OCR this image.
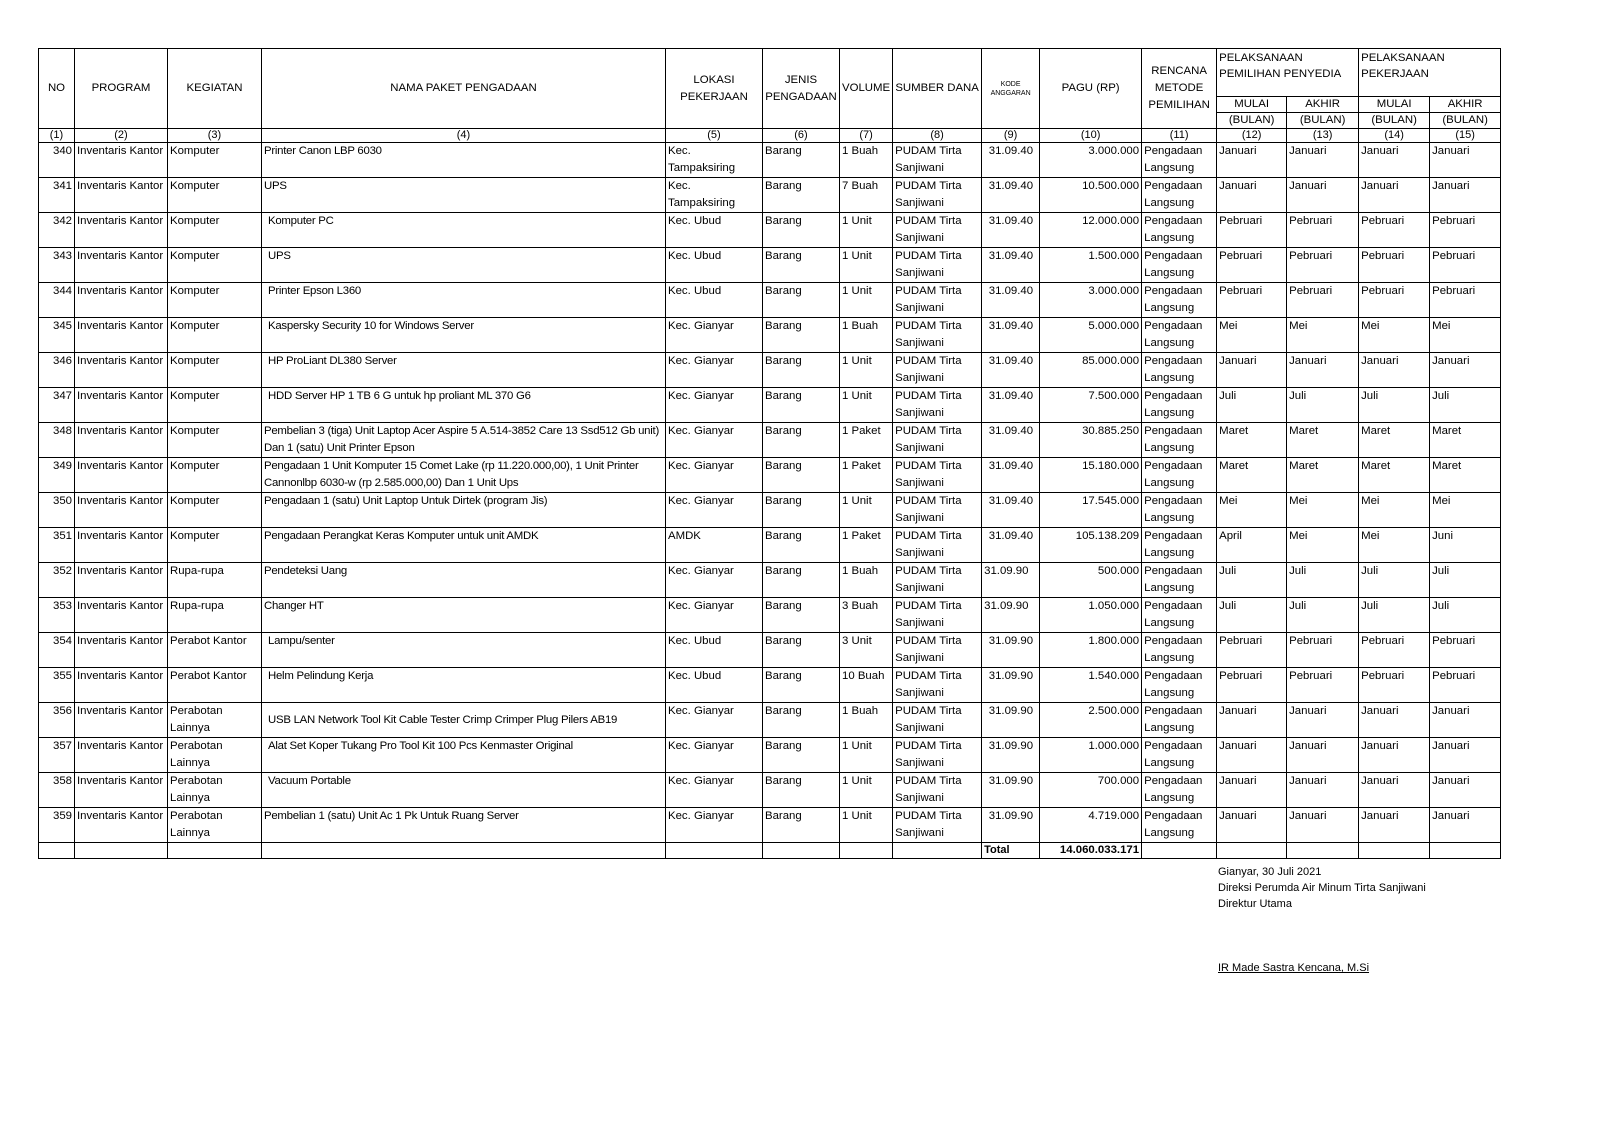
NO	PROGRAM	KEGIATAN	NAMA PAKET PENGADAAN	LOKASI PEKERJAAN	JENIS PENGADAAN	VOLUME	SUMBER DANA	KODE ANGGARAN	PAGU (RP)	RENCANA METODE PEMILIHAN	PELAKSANAAN PEMILIHAN PENYEDIA		PELAKSANAAN PEKERJAAN	
											MULAI	AKHIR	MULAI	AKHIR
											(BULAN)	(BULAN)	(BULAN)	(BULAN)
(1)	(2)	(3)	(4)	(5)	(6)	(7)	(8)	(9)	(10)	(11)	(12)	(13)	(14)	(15)
340	Inventaris Kantor	Komputer	Printer Canon LBP 6030	Kec. Tampaksiring	Barang	1 Buah	PUDAM Tirta Sanjiwani	31.09.40	3.000.000	Pengadaan Langsung	Januari	Januari	Januari	Januari
341	Inventaris Kantor	Komputer	UPS	Kec. Tampaksiring	Barang	7 Buah	PUDAM Tirta Sanjiwani	31.09.40	10.500.000	Pengadaan Langsung	Januari	Januari	Januari	Januari
342	Inventaris Kantor	Komputer	Komputer PC	Kec. Ubud	Barang	1 Unit	PUDAM Tirta Sanjiwani	31.09.40	12.000.000	Pengadaan Langsung	Pebruari	Pebruari	Pebruari	Pebruari
343	Inventaris Kantor	Komputer	UPS	Kec. Ubud	Barang	1 Unit	PUDAM Tirta Sanjiwani	31.09.40	1.500.000	Pengadaan Langsung	Pebruari	Pebruari	Pebruari	Pebruari
344	Inventaris Kantor	Komputer	Printer Epson L360	Kec. Ubud	Barang	1 Unit	PUDAM Tirta Sanjiwani	31.09.40	3.000.000	Pengadaan Langsung	Pebruari	Pebruari	Pebruari	Pebruari
345	Inventaris Kantor	Komputer	Kaspersky Security 10 for Windows Server	Kec. Gianyar	Barang	1 Buah	PUDAM Tirta Sanjiwani	31.09.40	5.000.000	Pengadaan Langsung	Mei	Mei	Mei	Mei
346	Inventaris Kantor	Komputer	HP ProLiant DL380 Server	Kec. Gianyar	Barang	1 Unit	PUDAM Tirta Sanjiwani	31.09.40	85.000.000	Pengadaan Langsung	Januari	Januari	Januari	Januari
347	Inventaris Kantor	Komputer	HDD Server HP 1 TB 6 G untuk hp proliant ML 370 G6	Kec. Gianyar	Barang	1 Unit	PUDAM Tirta Sanjiwani	31.09.40	7.500.000	Pengadaan Langsung	Juli	Juli	Juli	Juli
348	Inventaris Kantor	Komputer	Pembelian 3 (tiga) Unit Laptop Acer Aspire 5 A.514-3852 Care 13 Ssd512 Gb unit) Dan 1 (satu) Unit Printer Epson	Kec. Gianyar	Barang	1 Paket	PUDAM Tirta Sanjiwani	31.09.40	30.885.250	Pengadaan Langsung	Maret	Maret	Maret	Maret
349	Inventaris Kantor	Komputer	Pengadaan 1 Unit Komputer 15 Comet Lake (rp 11.220.000,00), 1 Unit Printer Cannonlbp 6030-w (rp 2.585.000,00) Dan 1 Unit Ups	Kec. Gianyar	Barang	1 Paket	PUDAM Tirta Sanjiwani	31.09.40	15.180.000	Pengadaan Langsung	Maret	Maret	Maret	Maret
350	Inventaris Kantor	Komputer	Pengadaan 1 (satu) Unit Laptop Untuk Dirtek (program Jis)	Kec. Gianyar	Barang	1 Unit	PUDAM Tirta Sanjiwani	31.09.40	17.545.000	Pengadaan Langsung	Mei	Mei	Mei	Mei
351	Inventaris Kantor	Komputer	Pengadaan Perangkat Keras Komputer untuk unit AMDK	AMDK	Barang	1 Paket	PUDAM Tirta Sanjiwani	31.09.40	105.138.209	Pengadaan Langsung	April	Mei	Mei	Juni
352	Inventaris Kantor	Rupa-rupa	Pendeteksi Uang	Kec. Gianyar	Barang	1 Buah	PUDAM Tirta Sanjiwani	31.09.90	500.000	Pengadaan Langsung	Juli	Juli	Juli	Juli
353	Inventaris Kantor	Rupa-rupa	Changer HT	Kec. Gianyar	Barang	3 Buah	PUDAM Tirta Sanjiwani	31.09.90	1.050.000	Pengadaan Langsung	Juli	Juli	Juli	Juli
354	Inventaris Kantor	Perabot Kantor	Lampu/senter	Kec. Ubud	Barang	3 Unit	PUDAM Tirta Sanjiwani	31.09.90	1.800.000	Pengadaan Langsung	Pebruari	Pebruari	Pebruari	Pebruari
355	Inventaris Kantor	Perabot Kantor	Helm Pelindung Kerja	Kec. Ubud	Barang	10 Buah	PUDAM Tirta Sanjiwani	31.09.90	1.540.000	Pengadaan Langsung	Pebruari	Pebruari	Pebruari	Pebruari
356	Inventaris Kantor	Perabotan Lainnya	USB LAN Network Tool Kit Cable Tester Crimp Crimper Plug Pilers AB19	Kec. Gianyar	Barang	1 Buah	PUDAM Tirta Sanjiwani	31.09.90	2.500.000	Pengadaan Langsung	Januari	Januari	Januari	Januari
357	Inventaris Kantor	Perabotan Lainnya	Alat Set Koper Tukang Pro Tool Kit 100 Pcs Kenmaster Original	Kec. Gianyar	Barang	1 Unit	PUDAM Tirta Sanjiwani	31.09.90	1.000.000	Pengadaan Langsung	Januari	Januari	Januari	Januari
358	Inventaris Kantor	Perabotan Lainnya	Vacuum Portable	Kec. Gianyar	Barang	1 Unit	PUDAM Tirta Sanjiwani	31.09.90	700.000	Pengadaan Langsung	Januari	Januari	Januari	Januari
359	Inventaris Kantor	Perabotan Lainnya	Pembelian 1 (satu) Unit Ac 1 Pk Untuk Ruang Server	Kec. Gianyar	Barang	1 Unit	PUDAM Tirta Sanjiwani	31.09.90	4.719.000	Pengadaan Langsung	Januari	Januari	Januari	Januari
								Total	14.060.033.171					
Gianyar, 30 Juli 2021
Direksi Perumda Air Minum Tirta Sanjiwani
Direktur Utama
IR Made Sastra Kencana, M.Si
